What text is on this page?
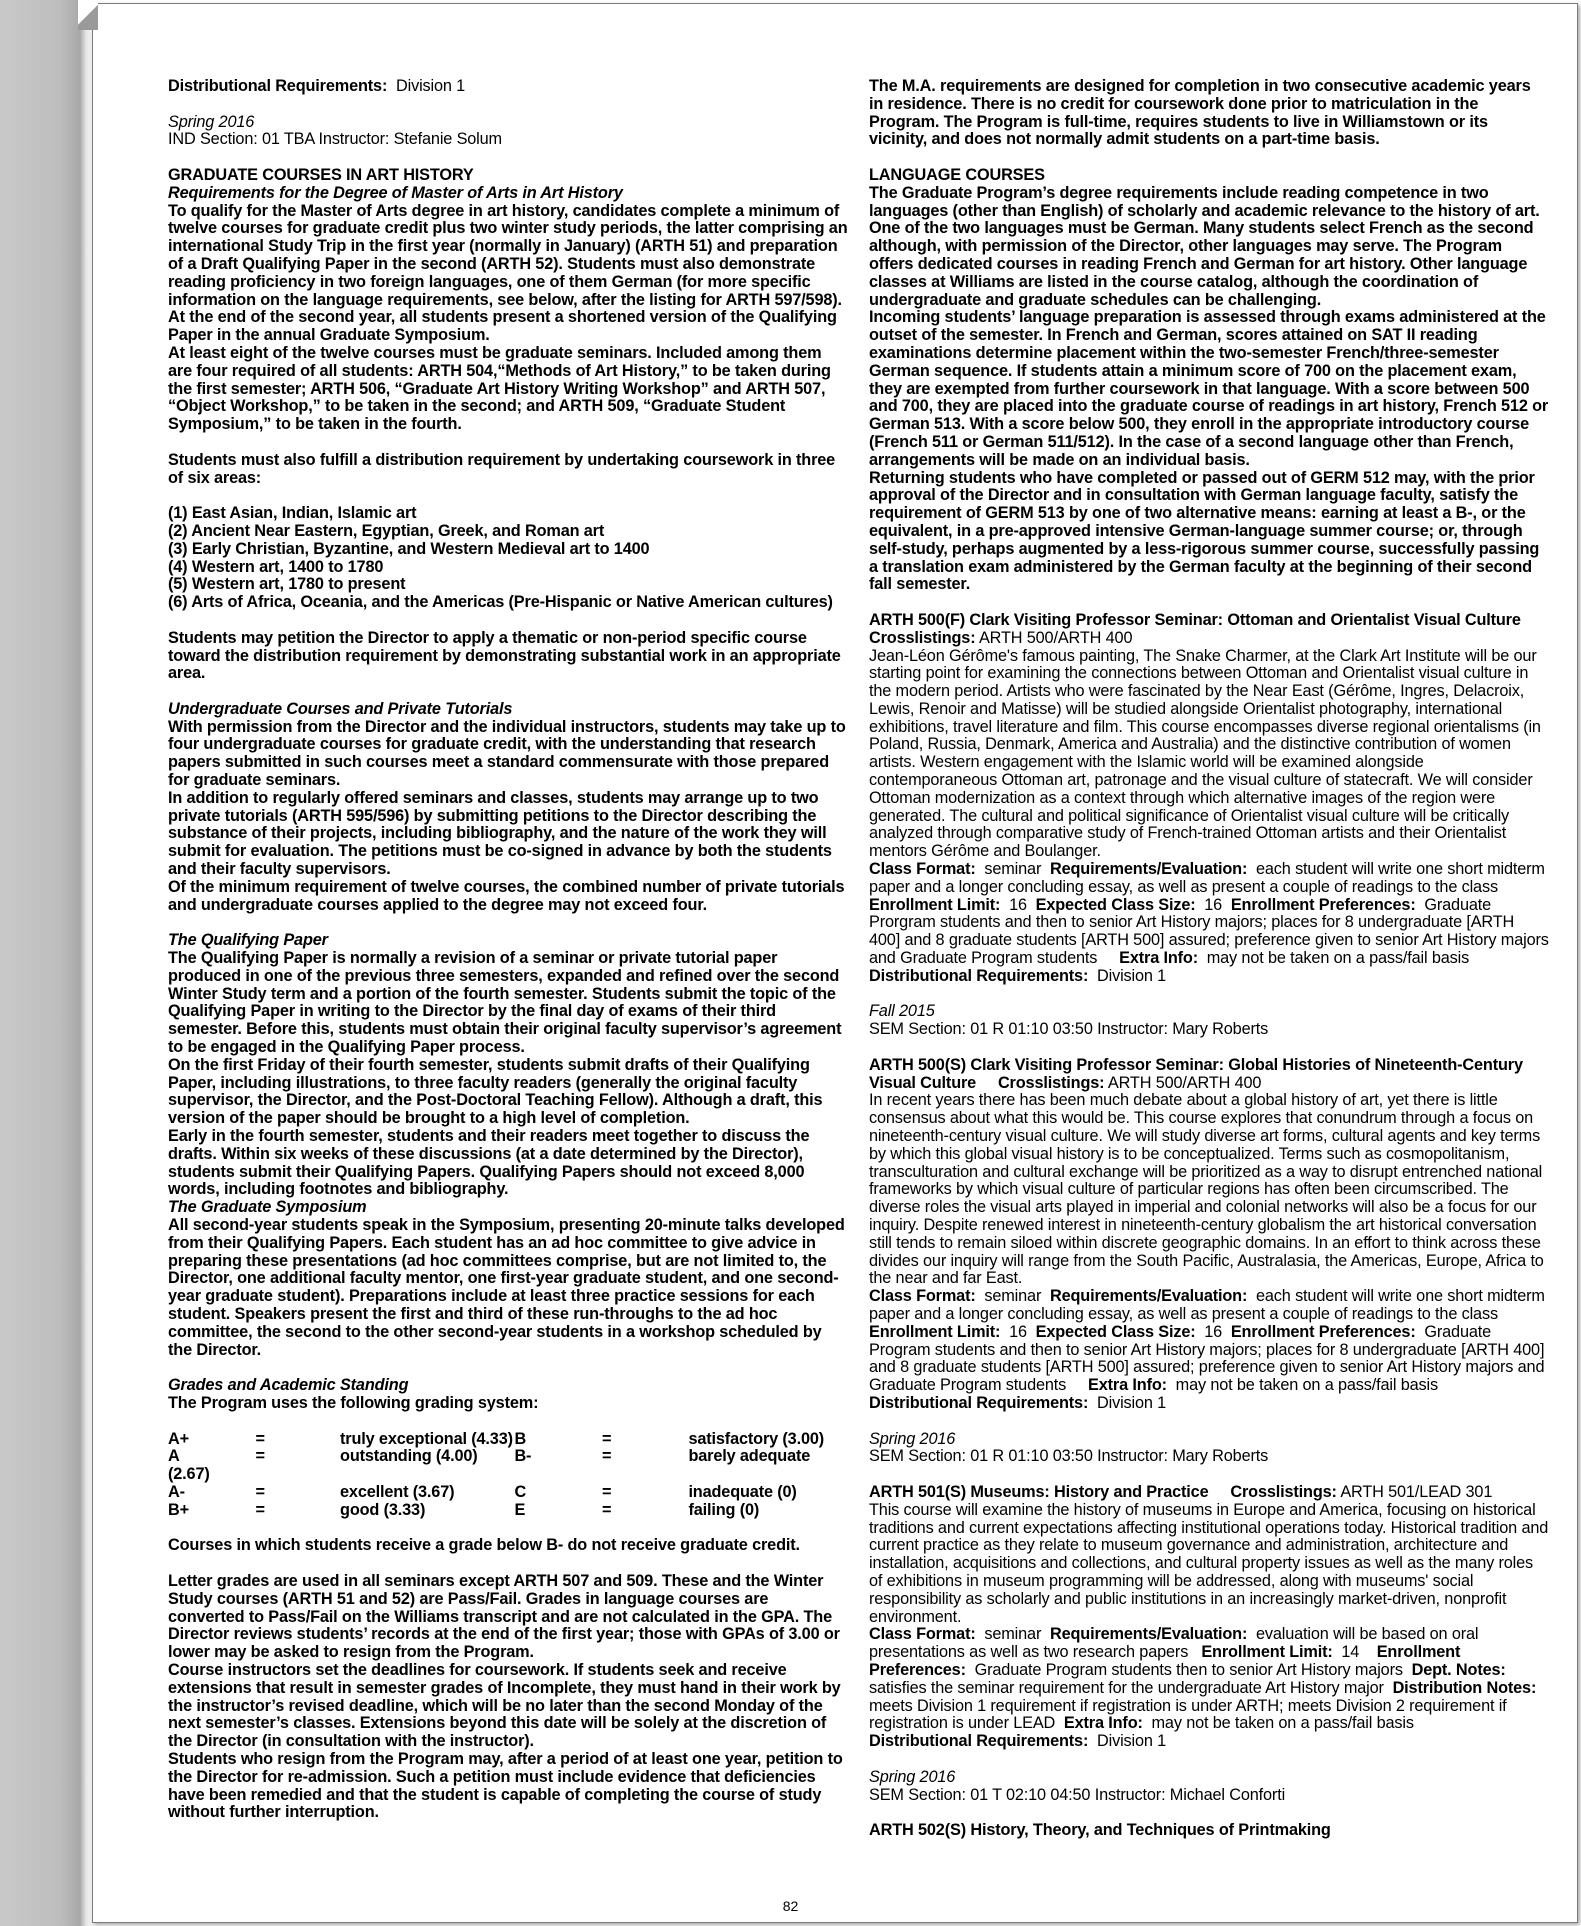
Distributional Requirements: Division 1

Spring 2016

IND Section: 01 TBA Instructor: Stefanie Solum

GRADUATE COURSES IN ART HISTORY

Requirements for the Degree of Master of Arts in Art History

To qualify for the Master of Arts degree in art history, candidates complete a minimum of twelve courses for graduate credit plus two winter study periods, the latter comprising an international Study Trip in the first year (normally in January) (ARTH 51) and preparation of a Draft Qualifying Paper in the second (ARTH 52). Students must also demonstrate reading proficiency in two foreign languages, one of them German (for more specific information on the language requirements, see below, after the listing for ARTH 597/598). At the end of the second year, all students present a shortened version of the Qualifying Paper in the annual Graduate Symposium.

At least eight of the twelve courses must be graduate seminars. Included among them are four required of all students: ARTH 504,“Methods of Art History,” to be taken during the first semester; ARTH 506, “Graduate Art History Writing Workshop” and ARTH 507, “Object Workshop,” to be taken in the second; and ARTH 509, “Graduate Student Symposium,” to be taken in the fourth.

Students must also fulfill a distribution requirement by undertaking coursework in three of six areas:

(1) East Asian, Indian, Islamic art

(2) Ancient Near Eastern, Egyptian, Greek, and Roman art

(3) Early Christian, Byzantine, and Western Medieval art to 1400

(4) Western art, 1400 to 1780

(5) Western art, 1780 to present

(6) Arts of Africa, Oceania, and the Americas (Pre-Hispanic or Native American cultures)

Students may petition the Director to apply a thematic or non-period specific course toward the distribution requirement by demonstrating substantial work in an appropriate area.

Undergraduate Courses and Private Tutorials

With permission from the Director and the individual instructors, students may take up to four undergraduate courses for graduate credit, with the understanding that research papers submitted in such courses meet a standard commensurate with those prepared for graduate seminars.

In addition to regularly offered seminars and classes, students may arrange up to two private tutorials (ARTH 595/596) by submitting petitions to the Director describing the substance of their projects, including bibliography, and the nature of the work they will submit for evaluation. The petitions must be co-signed in advance by both the students and their faculty supervisors.

Of the minimum requirement of twelve courses, the combined number of private tutorials and undergraduate courses applied to the degree may not exceed four.

The Qualifying Paper

The Qualifying Paper is normally a revision of a seminar or private tutorial paper produced in one of the previous three semesters, expanded and refined over the second Winter Study term and a portion of the fourth semester. Students submit the topic of the Qualifying Paper in writing to the Director by the final day of exams of their third semester. Before this, students must obtain their original faculty supervisor’s agreement to be engaged in the Qualifying Paper process.

On the first Friday of their fourth semester, students submit drafts of their Qualifying Paper, including illustrations, to three faculty readers (generally the original faculty supervisor, the Director, and the Post-Doctoral Teaching Fellow). Although a draft, this version of the paper should be brought to a high level of completion.

Early in the fourth semester, students and their readers meet together to discuss the drafts. Within six weeks of these discussions (at a date determined by the Director), students submit their Qualifying Papers. Qualifying Papers should not exceed 8,000 words, including footnotes and bibliography.

The Graduate Symposium

All second-year students speak in the Symposium, presenting 20-minute talks developed from their Qualifying Papers. Each student has an ad hoc committee to give advice in preparing these presentations (ad hoc committees comprise, but are not limited to, the Director, one additional faculty mentor, one first-year graduate student, and one second-year graduate student). Preparations include at least three practice sessions for each student. Speakers present the first and third of these run-throughs to the ad hoc committee, the second to the other second-year students in a workshop scheduled by the Director.

Grades and Academic Standing

The Program uses the following grading system:

A+	=	truly exceptional (4.33)	B	=	satisfactory (3.00)
A	=	outstanding (4.00)	B-	=	barely adequate
(2.67)					
A-	=	excellent (3.67)	C	=	inadequate (0)
B+	=	good (3.33)	E	=	failing (0)

Courses in which students receive a grade below B- do not receive graduate credit.

Letter grades are used in all seminars except ARTH 507 and 509. These and the Winter Study courses (ARTH 51 and 52) are Pass/Fail. Grades in language courses are converted to Pass/Fail on the Williams transcript and are not calculated in the GPA. The Director reviews students’ records at the end of the first year; those with GPAs of 3.00 or lower may be asked to resign from the Program.

Course instructors set the deadlines for coursework. If students seek and receive extensions that result in semester grades of Incomplete, they must hand in their work by the instructor’s revised deadline, which will be no later than the second Monday of the next semester’s classes. Extensions beyond this date will be solely at the discretion of the Director (in consultation with the instructor).

Students who resign from the Program may, after a period of at least one year, petition to the Director for re-admission. Such a petition must include evidence that deficiencies have been remedied and that the student is capable of completing the course of study without further interruption.

The M.A. requirements are designed for completion in two consecutive academic years in residence. There is no credit for coursework done prior to matriculation in the Program. The Program is full-time, requires students to live in Williamstown or its vicinity, and does not normally admit students on a part-time basis.

LANGUAGE COURSES

The Graduate Program’s degree requirements include reading competence in two languages (other than English) of scholarly and academic relevance to the history of art. One of the two languages must be German. Many students select French as the second although, with permission of the Director, other languages may serve. The Program offers dedicated courses in reading French and German for art history. Other language classes at Williams are listed in the course catalog, although the coordination of undergraduate and graduate schedules can be challenging.

Incoming students’ language preparation is assessed through exams administered at the outset of the semester. In French and German, scores attained on SAT II reading examinations determine placement within the two-semester French/three-semester German sequence. If students attain a minimum score of 700 on the placement exam, they are exempted from further coursework in that language. With a score between 500 and 700, they are placed into the graduate course of readings in art history, French 512 or German 513. With a score below 500, they enroll in the appropriate introductory course (French 511 or German 511/512). In the case of a second language other than French, arrangements will be made on an individual basis.

Returning students who have completed or passed out of GERM 512 may, with the prior approval of the Director and in consultation with German language faculty, satisfy the requirement of GERM 513 by one of two alternative means: earning at least a B-, or the equivalent, in a pre-approved intensive German-language summer course; or, through self-study, perhaps augmented by a less-rigorous summer course, successfully passing a translation exam administered by the German faculty at the beginning of their second fall semester.

ARTH 500(F) Clark Visiting Professor Seminar: Ottoman and Orientalist Visual Culture

Crosslistings: ARTH 500/ARTH 400

Jean-Léon Gérôme's famous painting, The Snake Charmer, at the Clark Art Institute will be our starting point for examining the connections between Ottoman and Orientalist visual culture in the modern period. Artists who were fascinated by the Near East (Gérôme, Ingres, Delacroix, Lewis, Renoir and Matisse) will be studied alongside Orientalist photography, international exhibitions, travel literature and film. This course encompasses diverse regional orientalisms (in Poland, Russia, Denmark, America and Australia) and the distinctive contribution of women artists. Western engagement with the Islamic world will be examined alongside contemporaneous Ottoman art, patronage and the visual culture of statecraft. We will consider Ottoman modernization as a context through which alternative images of the region were generated. The cultural and political significance of Orientalist visual culture will be critically analyzed through comparative study of French-trained Ottoman artists and their Orientalist mentors Gérôme and Boulanger.

Class Format: seminar Requirements/Evaluation: each student will write one short midterm paper and a longer concluding essay, as well as present a couple of readings to the class Enrollment Limit: 16 Expected Class Size: 16 Enrollment Preferences: Graduate Prorgram students and then to senior Art History majors; places for 8 undergraduate [ARTH 400] and 8 graduate students [ARTH 500] assured; preference given to senior Art History majors and Graduate Program students Extra Info: may not be taken on a pass/fail basis

Distributional Requirements: Division 1

Fall 2015

SEM Section: 01 R 01:10 03:50 Instructor: Mary Roberts

ARTH 500(S) Clark Visiting Professor Seminar: Global Histories of Nineteenth-Century Visual Culture Crosslistings: ARTH 500/ARTH 400

In recent years there has been much debate about a global history of art, yet there is little consensus about what this would be. This course explores that conundrum through a focus on nineteenth-century visual culture. We will study diverse art forms, cultural agents and key terms by which this global visual history is to be conceptualized. Terms such as cosmopolitanism, transculturation and cultural exchange will be prioritized as a way to disrupt entrenched national frameworks by which visual culture of particular regions has often been circumscribed. The diverse roles the visual arts played in imperial and colonial networks will also be a focus for our inquiry. Despite renewed interest in nineteenth-century globalism the art historical conversation still tends to remain siloed within discrete geographic domains. In an effort to think across these divides our inquiry will range from the South Pacific, Australasia, the Americas, Europe, Africa to the near and far East.

Class Format: seminar Requirements/Evaluation: each student will write one short midterm paper and a longer concluding essay, as well as present a couple of readings to the class Enrollment Limit: 16 Expected Class Size: 16 Enrollment Preferences: Graduate Program students and then to senior Art History majors; places for 8 undergraduate [ARTH 400] and 8 graduate students [ARTH 500] assured; preference given to senior Art History majors and Graduate Program students Extra Info: may not be taken on a pass/fail basis

Distributional Requirements: Division 1

Spring 2016

SEM Section: 01 R 01:10 03:50 Instructor: Mary Roberts

ARTH 501(S) Museums: History and Practice Crosslistings: ARTH 501/LEAD 301

This course will examine the history of museums in Europe and America, focusing on historical traditions and current expectations affecting institutional operations today. Historical tradition and current practice as they relate to museum governance and administration, architecture and installation, acquisitions and collections, and cultural property issues as well as the many roles of exhibitions in museum programming will be addressed, along with museums' social responsibility as scholarly and public institutions in an increasingly market-driven, nonprofit environment.

Class Format: seminar Requirements/Evaluation: evaluation will be based on oral presentations as well as two research papers Enrollment Limit: 14 Enrollment Preferences: Graduate Program students then to senior Art History majors Dept. Notes: satisfies the seminar requirement for the undergraduate Art History major Distribution Notes: meets Division 1 requirement if registration is under ARTH; meets Division 2 requirement if registration is under LEAD Extra Info: may not be taken on a pass/fail basis

Distributional Requirements: Division 1

Spring 2016

SEM Section: 01 T 02:10 04:50 Instructor: Michael Conforti

ARTH 502(S) History, Theory, and Techniques of Printmaking

82
